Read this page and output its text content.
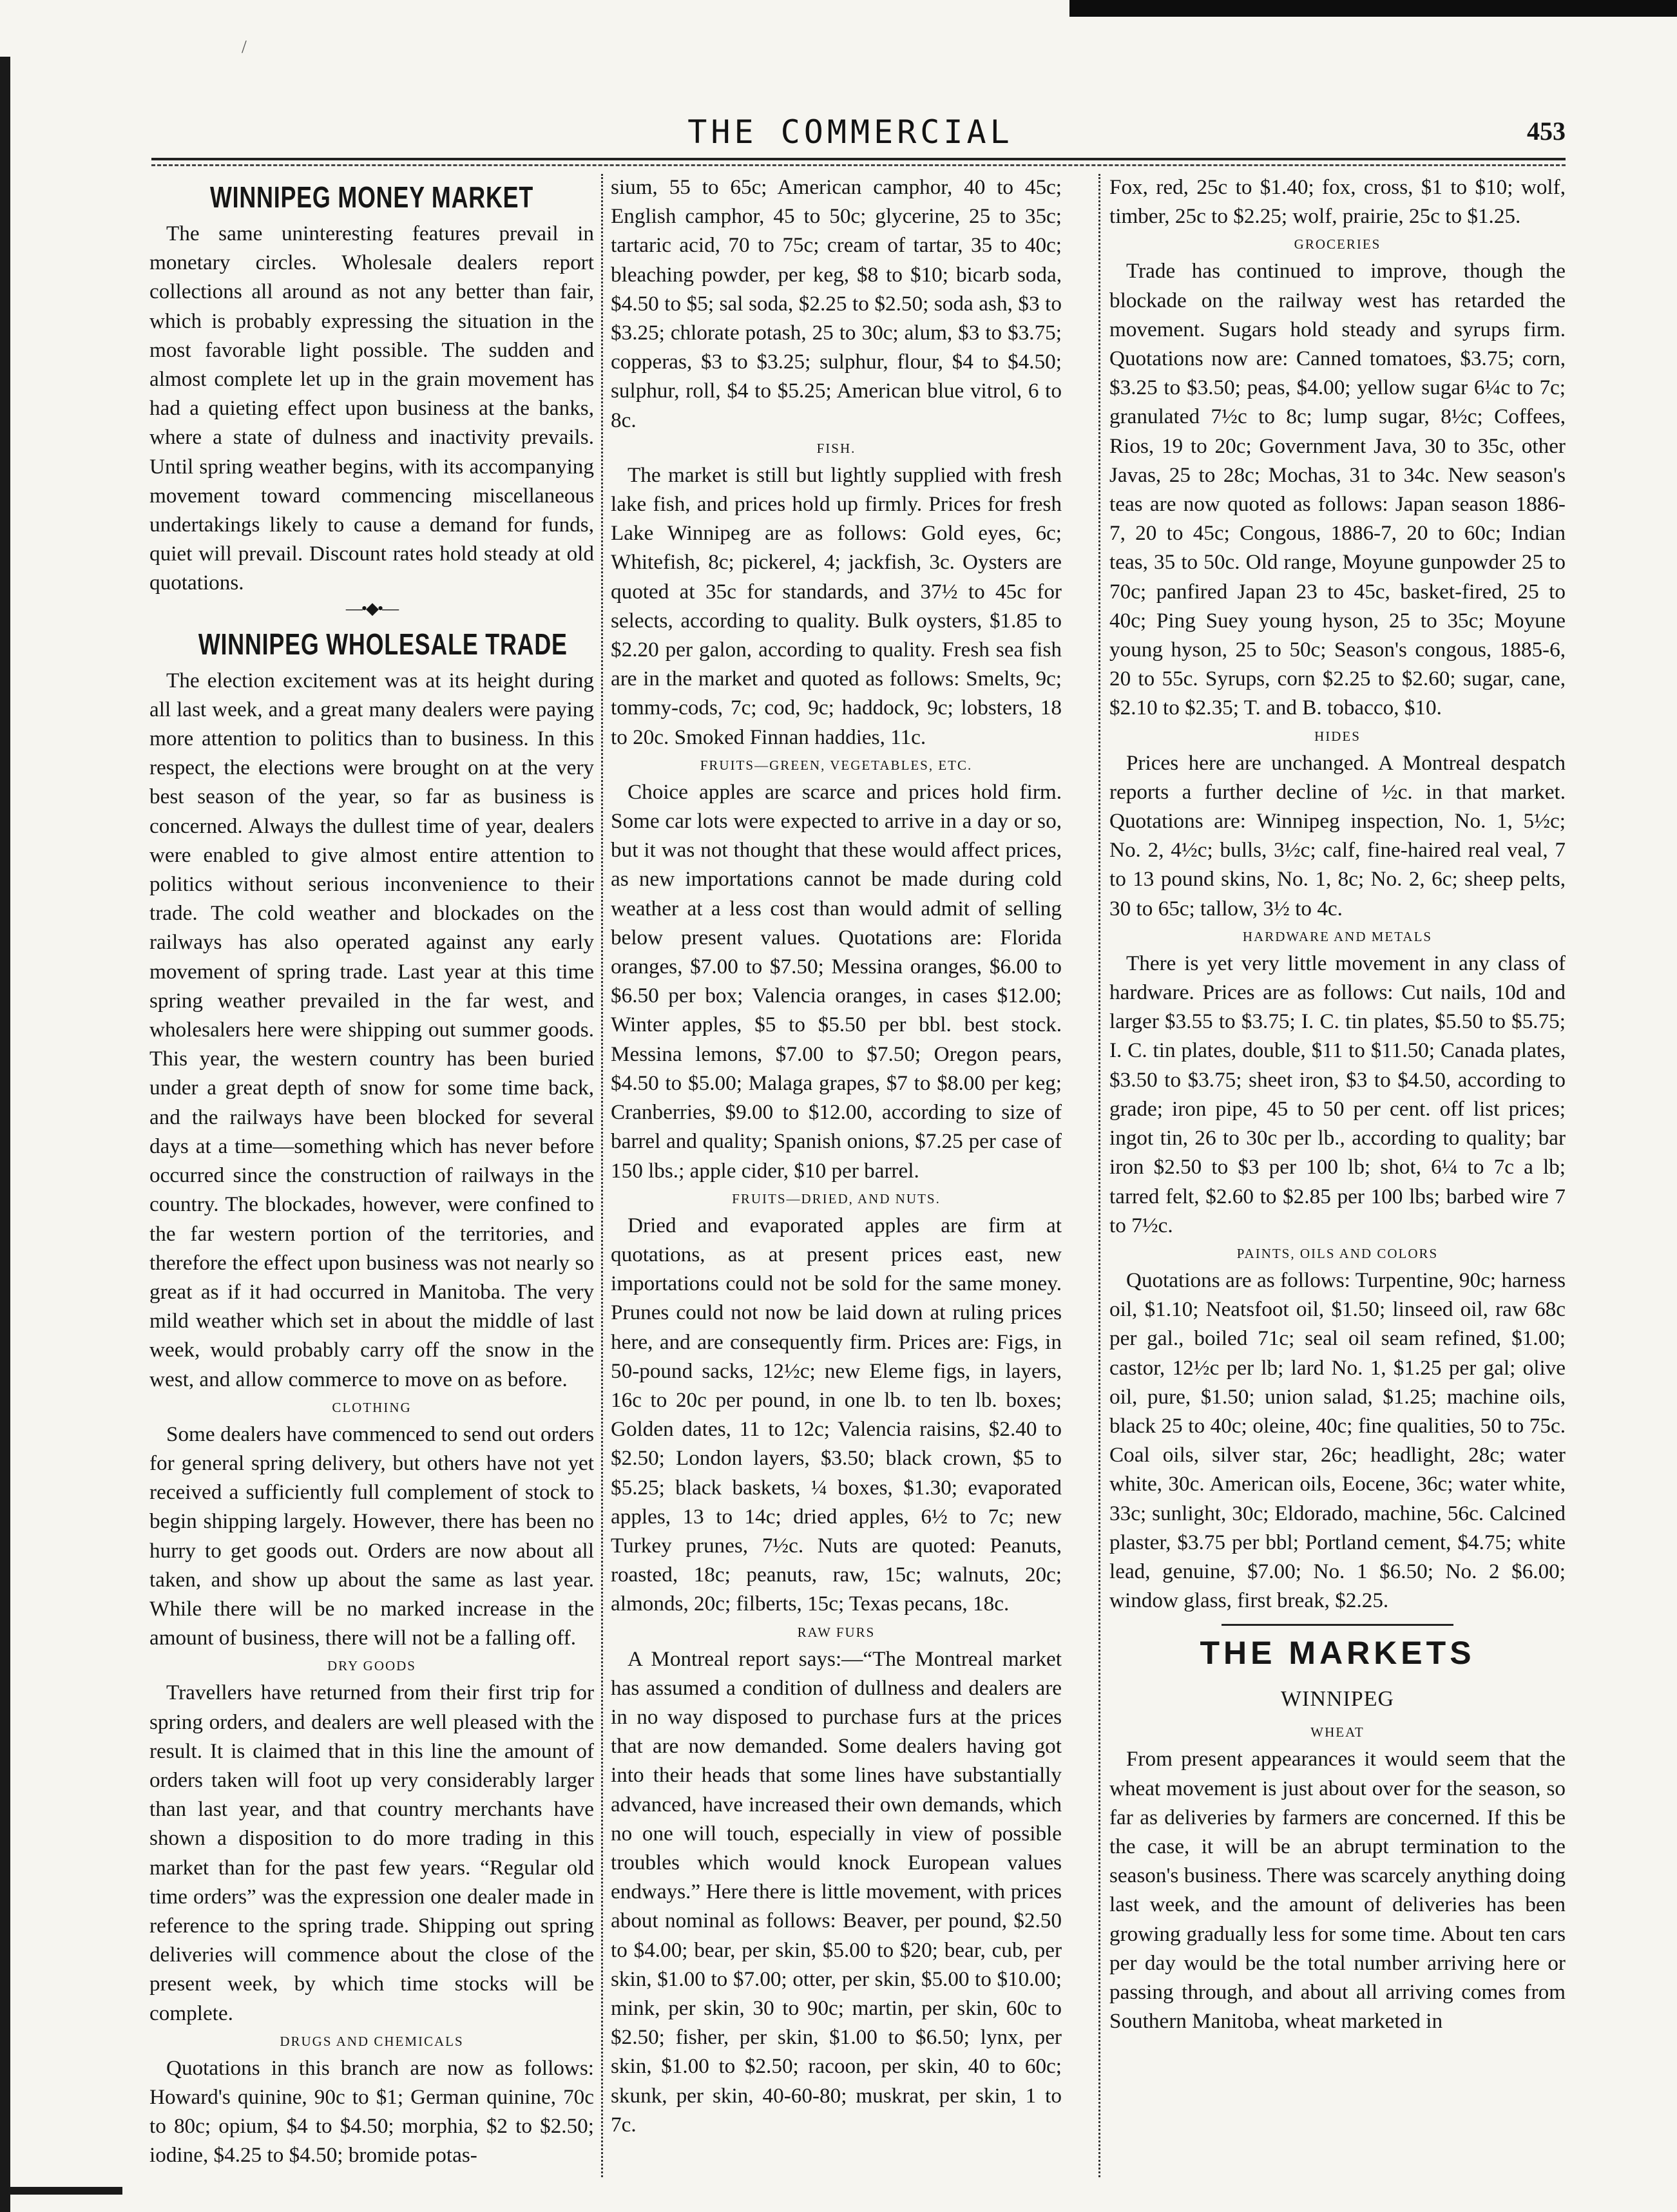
/
THE COMMERCIAL	453
WINNIPEG MONEY MARKET

The same uninteresting features prevail in monetary circles. Wholesale dealers report collections all around as not any better than fair, which is probably expressing the situation in the most favorable light possible. The sudden and almost complete let up in the grain movement has had a quieting effect upon business at the banks, where a state of dulness and inactivity prevails. Until spring weather begins, with its accompanying movement toward commencing miscellaneous undertakings likely to cause a demand for funds, quiet will prevail. Discount rates hold steady at old quotations.

—•◆•—
WINNIPEG WHOLESALE TRADE

The election excitement was at its height during all last week, and a great many dealers were paying more attention to politics than to business. In this respect, the elections were brought on at the very best season of the year, so far as business is concerned. Always the dullest time of year, dealers were enabled to give almost entire attention to politics without serious inconvenience to their trade. The cold weather and blockades on the railways has also operated against any early movement of spring trade. Last year at this time spring weather prevailed in the far west, and wholesalers here were shipping out summer goods. This year, the western country has been buried under a great depth of snow for some time back, and the railways have been blocked for several days at a time—something which has never before occurred since the construction of railways in the country. The blockades, however, were confined to the far western portion of the territories, and therefore the effect upon business was not nearly so great as if it had occurred in Manitoba. The very mild weather which set in about the middle of last week, would probably carry off the snow in the west, and allow commerce to move on as before.

CLOTHING

Some dealers have commenced to send out orders for general spring delivery, but others have not yet received a sufficiently full complement of stock to begin shipping largely. However, there has been no hurry to get goods out. Orders are now about all taken, and show up about the same as last year. While there will be no marked increase in the amount of business, there will not be a falling off.

DRY GOODS

Travellers have returned from their first trip for spring orders, and dealers are well pleased with the result. It is claimed that in this line the amount of orders taken will foot up very considerably larger than last year, and that country merchants have shown a disposition to do more trading in this market than for the past few years. “Regular old time orders” was the expression one dealer made in reference to the spring trade. Shipping out spring deliveries will commence about the close of the present week, by which time stocks will be complete.

DRUGS AND CHEMICALS

Quotations in this branch are now as follows: Howard's quinine, 90c to $1; German quinine, 70c to 80c; opium, $4 to $4.50; morphia, $2 to $2.50; iodine, $4.25 to $4.50; bromide potas-

sium, 55 to 65c; American camphor, 40 to 45c; English camphor, 45 to 50c; glycerine, 25 to 35c; tartaric acid, 70 to 75c; cream of tartar, 35 to 40c; bleaching powder, per keg, $8 to $10; bicarb soda, $4.50 to $5; sal soda, $2.25 to $2.50; soda ash, $3 to $3.25; chlorate potash, 25 to 30c; alum, $3 to $3.75; copperas, $3 to $3.25; sulphur, flour, $4 to $4.50; sulphur, roll, $4 to $5.25; American blue vitrol, 6 to 8c.

FISH.

The market is still but lightly supplied with fresh lake fish, and prices hold up firmly. Prices for fresh Lake Winnipeg are as follows: Gold eyes, 6c; Whitefish, 8c; pickerel, 4; jackfish, 3c. Oysters are quoted at 35c for standards, and 37½ to 45c for selects, according to quality. Bulk oysters, $1.85 to $2.20 per galon, according to quality. Fresh sea fish are in the market and quoted as follows: Smelts, 9c; tommy-cods, 7c; cod, 9c; haddock, 9c; lobsters, 18 to 20c. Smoked Finnan haddies, 11c.

FRUITS—GREEN, VEGETABLES, ETC.

Choice apples are scarce and prices hold firm. Some car lots were expected to arrive in a day or so, but it was not thought that these would affect prices, as new importations cannot be made during cold weather at a less cost than would admit of selling below present values. Quotations are: Florida oranges, $7.00 to $7.50; Messina oranges, $6.00 to $6.50 per box; Valencia oranges, in cases $12.00; Winter apples, $5 to $5.50 per bbl. best stock. Messina lemons, $7.00 to $7.50; Oregon pears, $4.50 to $5.00; Malaga grapes, $7 to $8.00 per keg; Cranberries, $9.00 to $12.00, according to size of barrel and quality; Spanish onions, $7.25 per case of 150 lbs.; apple cider, $10 per barrel.

FRUITS—DRIED, AND NUTS.

Dried and evaporated apples are firm at quotations, as at present prices east, new importations could not be sold for the same money. Prunes could not now be laid down at ruling prices here, and are consequently firm. Prices are: Figs, in 50-pound sacks, 12½c; new Eleme figs, in layers, 16c to 20c per pound, in one lb. to ten lb. boxes; Golden dates, 11 to 12c; Valencia raisins, $2.40 to $2.50; London layers, $3.50; black crown, $5 to $5.25; black baskets, ¼ boxes, $1.30; evaporated apples, 13 to 14c; dried apples, 6½ to 7c; new Turkey prunes, 7½c. Nuts are quoted: Peanuts, roasted, 18c; peanuts, raw, 15c; walnuts, 20c; almonds, 20c; filberts, 15c; Texas pecans, 18c.

RAW FURS

A Montreal report says:—“The Montreal market has assumed a condition of dullness and dealers are in no way disposed to purchase furs at the prices that are now demanded. Some dealers having got into their heads that some lines have substantially advanced, have increased their own demands, which no one will touch, especially in view of possible troubles which would knock European values endways.” Here there is little movement, with prices about nominal as follows: Beaver, per pound, $2.50 to $4.00; bear, per skin, $5.00 to $20; bear, cub, per skin, $1.00 to $7.00; otter, per skin, $5.00 to $10.00; mink, per skin, 30 to 90c; martin, per skin, 60c to $2.50; fisher, per skin, $1.00 to $6.50; lynx, per skin, $1.00 to $2.50; racoon, per skin, 40 to 60c; skunk, per skin, 40-60-80; muskrat, per skin, 1 to 7c.

Fox, red, 25c to $1.40; fox, cross, $1 to $10; wolf, timber, 25c to $2.25; wolf, prairie, 25c to $1.25.

GROCERIES

Trade has continued to improve, though the blockade on the railway west has retarded the movement. Sugars hold steady and syrups firm. Quotations now are: Canned tomatoes, $3.75; corn, $3.25 to $3.50; peas, $4.00; yellow sugar 6¼c to 7c; granulated 7½c to 8c; lump sugar, 8½c; Coffees, Rios, 19 to 20c; Government Java, 30 to 35c, other Javas, 25 to 28c; Mochas, 31 to 34c. New season's teas are now quoted as follows: Japan season 1886-7, 20 to 45c; Congous, 1886-7, 20 to 60c; Indian teas, 35 to 50c. Old range, Moyune gunpowder 25 to 70c; panfired Japan 23 to 45c, basket-fired, 25 to 40c; Ping Suey young hyson, 25 to 35c; Moyune young hyson, 25 to 50c; Season's congous, 1885-6, 20 to 55c. Syrups, corn $2.25 to $2.60; sugar, cane, $2.10 to $2.35; T. and B. tobacco, $10.

HIDES

Prices here are unchanged. A Montreal despatch reports a further decline of ½c. in that market. Quotations are: Winnipeg inspection, No. 1, 5½c; No. 2, 4½c; bulls, 3½c; calf, fine-haired real veal, 7 to 13 pound skins, No. 1, 8c; No. 2, 6c; sheep pelts, 30 to 65c; tallow, 3½ to 4c.

HARDWARE AND METALS

There is yet very little movement in any class of hardware. Prices are as follows: Cut nails, 10d and larger $3.55 to $3.75; I. C. tin plates, $5.50 to $5.75; I. C. tin plates, double, $11 to $11.50; Canada plates, $3.50 to $3.75; sheet iron, $3 to $4.50, according to grade; iron pipe, 45 to 50 per cent. off list prices; ingot tin, 26 to 30c per lb., according to quality; bar iron $2.50 to $3 per 100 lb; shot, 6¼ to 7c a lb; tarred felt, $2.60 to $2.85 per 100 lbs; barbed wire 7 to 7½c.

PAINTS, OILS AND COLORS

Quotations are as follows: Turpentine, 90c; harness oil, $1.10; Neatsfoot oil, $1.50; linseed oil, raw 68c per gal., boiled 71c; seal oil seam refined, $1.00; castor, 12½c per lb; lard No. 1, $1.25 per gal; olive oil, pure, $1.50; union salad, $1.25; machine oils, black 25 to 40c; oleine, 40c; fine qualities, 50 to 75c. Coal oils, silver star, 26c; headlight, 28c; water white, 30c. American oils, Eocene, 36c; water white, 33c; sunlight, 30c; Eldorado, machine, 56c. Calcined plaster, $3.75 per bbl; Portland cement, $4.75; white lead, genuine, $7.00; No. 1 $6.50; No. 2 $6.00; window glass, first break, $2.25.

THE MARKETS
WINNIPEG
WHEAT

From present appearances it would seem that the wheat movement is just about over for the season, so far as deliveries by farmers are concerned. If this be the case, it will be an abrupt termination to the season's business. There was scarcely anything doing last week, and the amount of deliveries has been growing gradually less for some time. About ten cars per day would be the total number arriving here or passing through, and about all arriving comes from Southern Manitoba, wheat marketed in
